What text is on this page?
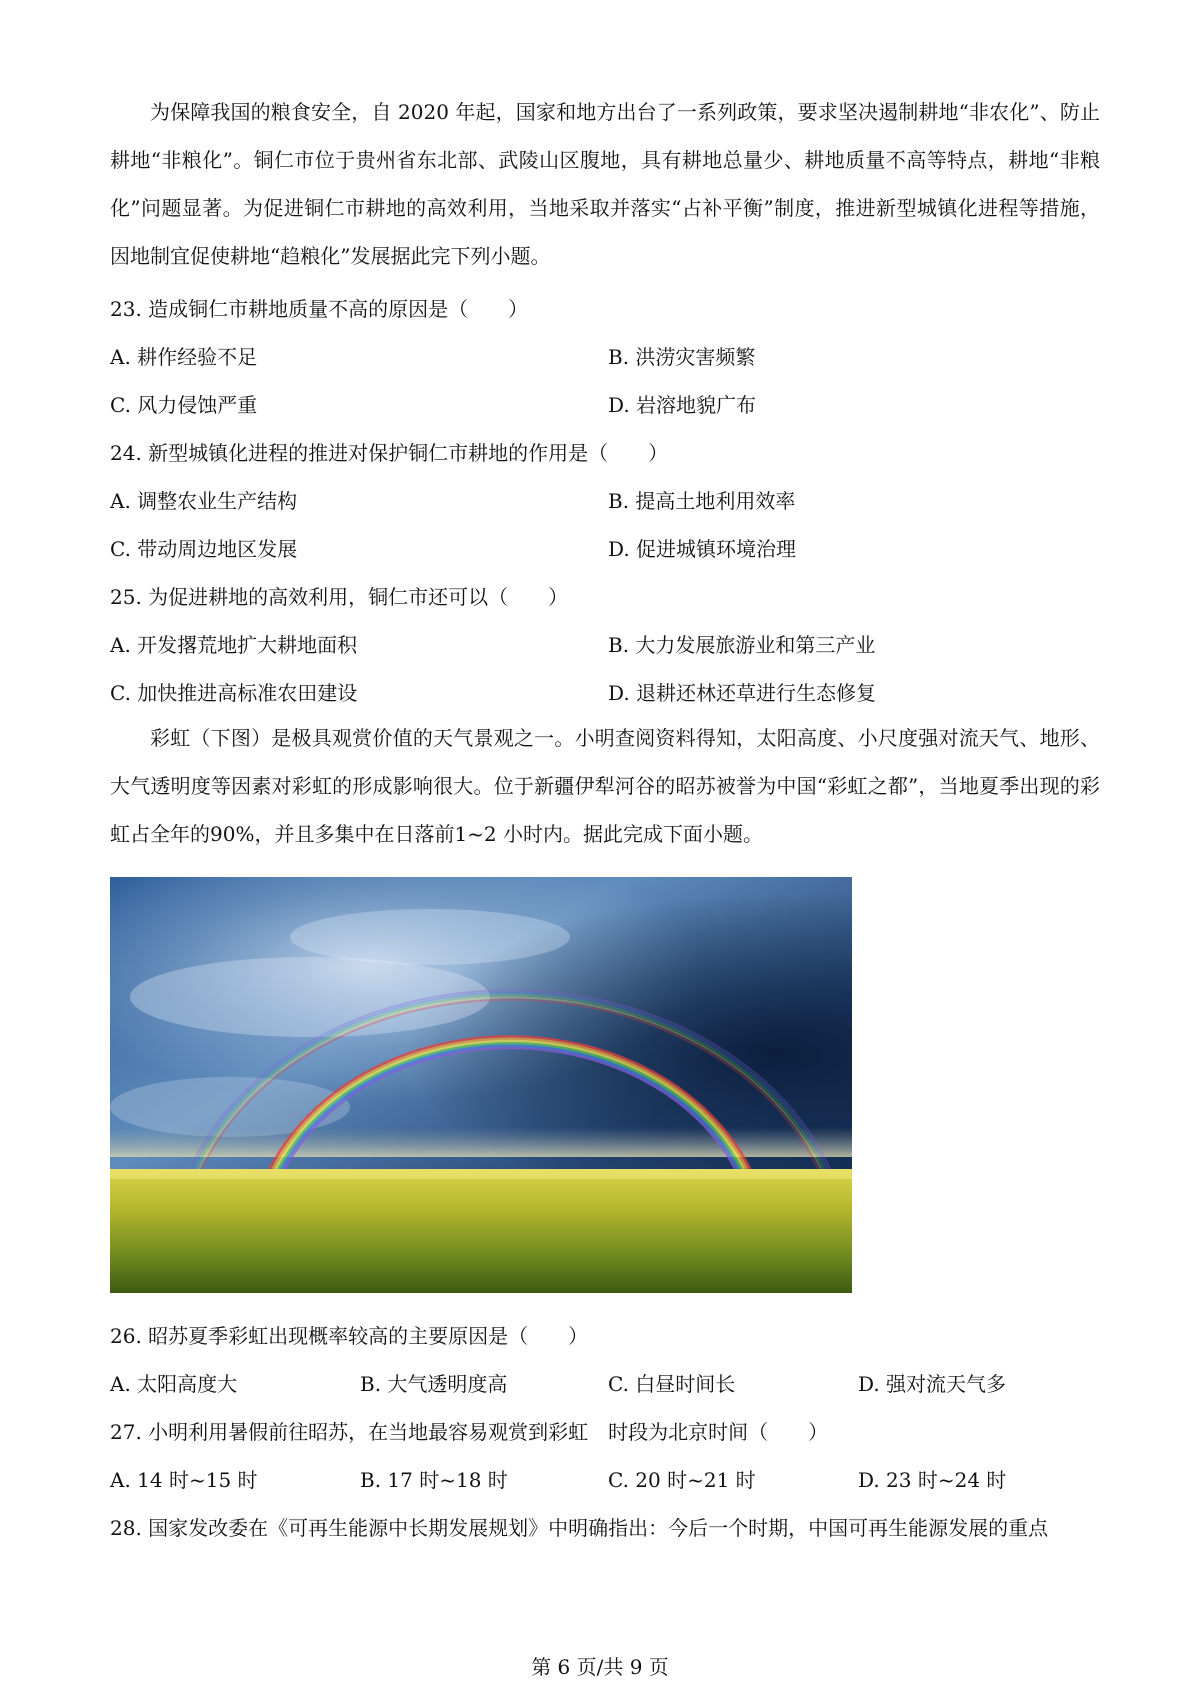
为保障我国的粮食安全，自 2020 年起，国家和地方出台了一系列政策，要求坚决遏制耕地“非农化”、防止耕地“非粮化”。铜仁市位于贵州省东北部、武陵山区腹地，具有耕地总量少、耕地质量不高等特点，耕地“非粮化”问题显著。为促进铜仁市耕地的高效利用，当地采取并落实“占补平衡”制度，推进新型城镇化进程等措施，因地制宜促使耕地“趋粮化”发展据此完下列小题。

23. 造成铜仁市耕地质量不高的原因是（　　）

A. 耕作经验不足	B. 洪涝灾害频繁
C. 风力侵蚀严重	D. 岩溶地貌广布

24. 新型城镇化进程的推进对保护铜仁市耕地的作用是（　　）

A. 调整农业生产结构	B. 提高土地利用效率
C. 带动周边地区发展	D. 促进城镇环境治理

25. 为促进耕地的高效利用，铜仁市还可以（　　）

A. 开发撂荒地扩大耕地面积	B. 大力发展旅游业和第三产业
C. 加快推进高标准农田建设	D. 退耕还林还草进行生态修复

彩虹（下图）是极具观赏价值的天气景观之一。小明查阅资料得知，太阳高度、小尺度强对流天气、地形、大气透明度等因素对彩虹的形成影响很大。位于新疆伊犁河谷的昭苏被誉为中国“彩虹之都”，当地夏季出现的彩虹占全年的90%，并且多集中在日落前1~2 小时内。据此完成下面小题。

26. 昭苏夏季彩虹出现概率较高的主要原因是（　　）

A. 太阳高度大	B. 大气透明度高	C. 白昼时间长	D. 强对流天气多

27. 小明利用暑假前往昭苏，在当地最容易观赏到彩虹　时段为北京时间（　　）

A. 14 时~15 时	B. 17 时~18 时	C. 20 时~21 时	D. 23 时~24 时

28. 国家发改委在《可再生能源中长期发展规划》中明确指出：今后一个时期，中国可再生能源发展的重点

第 6 页/共 9 页
